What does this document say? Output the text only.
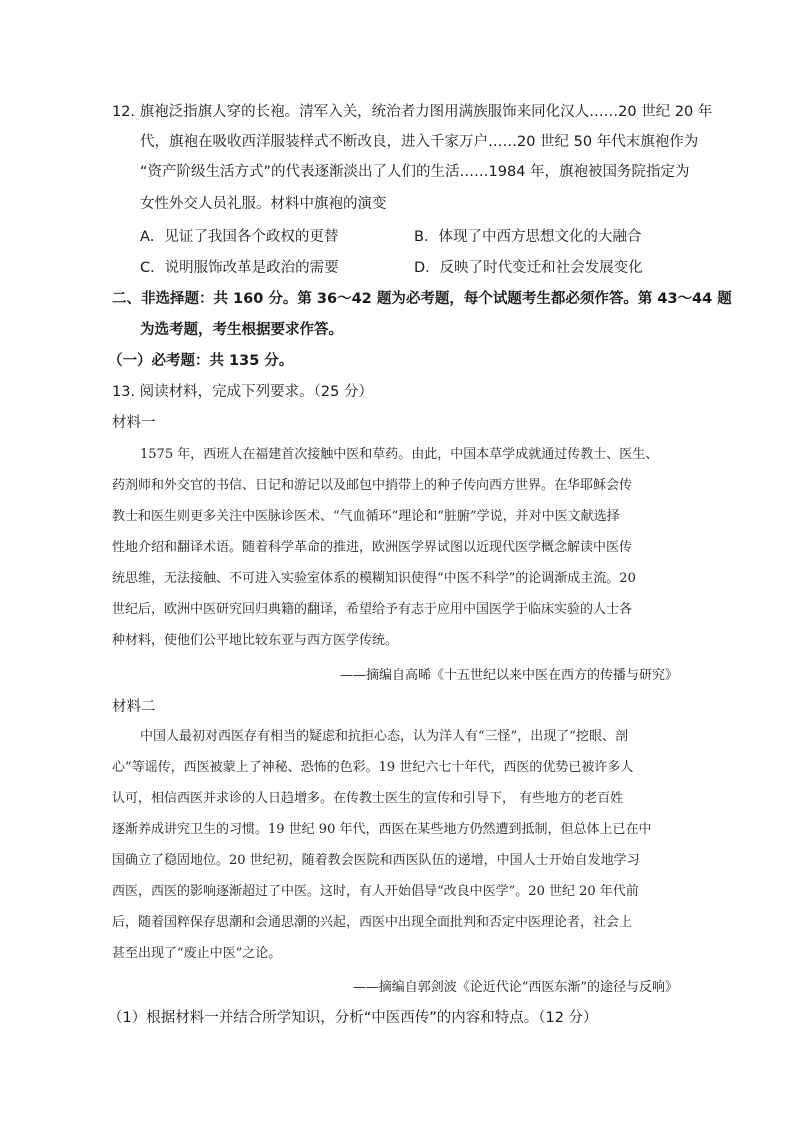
12. 旗袍泛指旗人穿的长袍。清军入关，统治者力图用满族服饰来同化汉人……20 世纪 20 年
代，旗袍在吸收西洋服装样式不断改良，进入千家万户……20 世纪 50 年代末旗袍作为
“资产阶级生活方式”的代表逐渐淡出了人们的生活……1984 年，旗袍被国务院指定为
女性外交人员礼服。材料中旗袍的演变
A．见证了我国各个政权的更替	B．体现了中西方思想文化的大融合
C．说明服饰改革是政治的需要	D．反映了时代变迁和社会发展变化
二、非选择题：共 160 分。第 36～42 题为必考题，每个试题考生都必须作答。第 43～44 题
为选考题，考生根据要求作答。
（一）必考题：共 135 分。
13. 阅读材料，完成下列要求。（25 分）
材料一
1575 年，西班人在福建首次接触中医和草药。由此，中国本草学成就通过传教士、医生、
药剂师和外交官的书信、日记和游记以及邮包中捎带上的种子传向西方世界。在华耶稣会传
教士和医生则更多关注中医脉诊医术、“气血循环”理论和“脏腑”学说，并对中医文献选择
性地介绍和翻译术语。随着科学革命的推进，欧洲医学界试图以近现代医学概念解读中医传
统思维，无法接触、不可进入实验室体系的模糊知识使得“中医不科学”的论调渐成主流。20
世纪后，欧洲中医研究回归典籍的翻译，希望给予有志于应用中国医学于临床实验的人士各
种材料，使他们公平地比较东亚与西方医学传统。
——摘编自高晞《十五世纪以来中医在西方的传播与研究》
材料二
中国人最初对西医存有相当的疑虑和抗拒心态，认为洋人有“三怪”，出现了“挖眼、剖
心”等谣传，西医被蒙上了神秘、恐怖的色彩。19 世纪六七十年代，西医的优势已被许多人
认可，相信西医并求诊的人日趋增多。在传教士医生的宣传和引导下， 有些地方的老百姓
逐渐养成讲究卫生的习惯。19 世纪 90 年代，西医在某些地方仍然遭到抵制，但总体上已在中
国确立了稳固地位。20 世纪初，随着教会医院和西医队伍的递增，中国人士开始自发地学习
西医，西医的影响逐渐超过了中医。这时，有人开始倡导“改良中医学”。20 世纪 20 年代前
后，随着国粹保存思潮和会通思潮的兴起，西医中出现全面批判和否定中医理论者，社会上
甚至出现了“废止中医”之论。
——摘编自郭剑波《论近代论“西医东渐”的途径与反响》
（1）根据材料一并结合所学知识，分析“中医西传”的内容和特点。（12 分）
